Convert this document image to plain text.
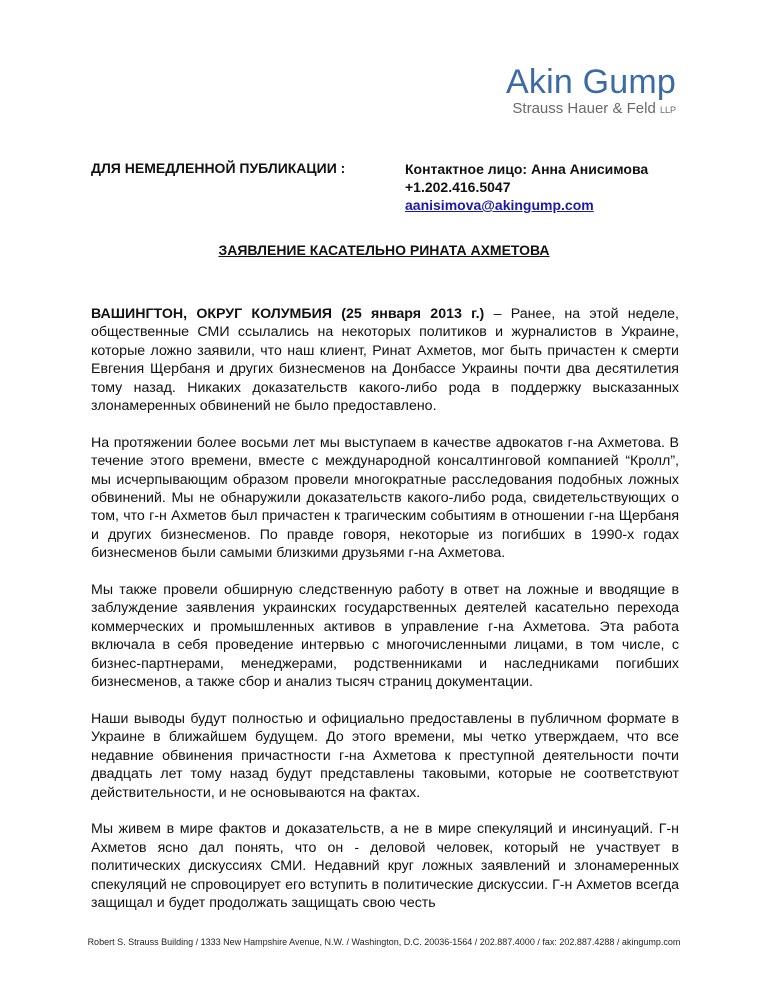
Akin Gump
Strauss Hauer & Feld LLP
ДЛЯ НЕМЕДЛЕННОЙ ПУБЛИКАЦИИ :	Контактное лицо: Анна Анисимова
+1.202.416.5047
aanisimova@akingump.com
ЗАЯВЛЕНИЕ КАСАТЕЛЬНО РИНАТА АХМЕТОВА

ВАШИНГТОН, ОКРУГ КОЛУМБИЯ (25 января 2013 г.) – Ранее, на этой неделе, общественные СМИ ссылались на некоторых политиков и журналистов в Украине, которые ложно заявили, что наш клиент, Ринат Ахметов, мог быть причастен к смерти Евгения Щербаня и других бизнесменов на Донбассе Украины почти два десятилетия тому назад. Никаких доказательств какого-либо рода в поддержку высказанных злонамеренных обвинений не было предоставлено.

На протяжении более восьми лет мы выступаем в качестве адвокатов г-на Ахметова. В течение этого времени, вместе с международной консалтинговой компанией “Кролл”, мы исчерпывающим образом провели многократные расследования подобных ложных обвинений. Мы не обнаружили доказательств какого-либо рода, свидетельствующих о том, что г-н Ахметов был причастен к трагическим событиям в отношении г-на Щербаня и других бизнесменов. По правде говоря, некоторые из погибших в 1990-х годах бизнесменов были самыми близкими друзьями г-на Ахметова.

Мы также провели обширную следственную работу в ответ на ложные и вводящие в заблуждение заявления украинских государственных деятелей касательно перехода коммерческих и промышленных активов в управление г-на Ахметова. Эта работа включала в себя проведение интервью с многочисленными лицами, в том числе, с бизнес-партнерами, менеджерами, родственниками и наследниками погибших бизнесменов, а также сбор и анализ тысяч страниц документации.

Наши выводы будут полностью и официально предоставлены в публичном формате в Украине в ближайшем будущем. До этого времени, мы четко утверждаем, что все недавние обвинения причастности г-на Ахметова к преступной деятельности почти двадцать лет тому назад будут представлены таковыми, которые не соответствуют действительности, и не основываются на фактах.

Мы живем в мире фактов и доказательств, а не в мире спекуляций и инсинуаций. Г-н Ахметов ясно дал понять, что он - деловой человек, который не участвует в политических дискуссиях СМИ. Недавний круг ложных заявлений и злонамеренных спекуляций не спровоцирует его вступить в политические дискуссии. Г-н Ахметов всегда защищал и будет продолжать защищать свою честь

Robert S. Strauss Building / 1333 New Hampshire Avenue, N.W. / Washington, D.C. 20036-1564 / 202.887.4000 / fax: 202.887.4288 / akingump.com
